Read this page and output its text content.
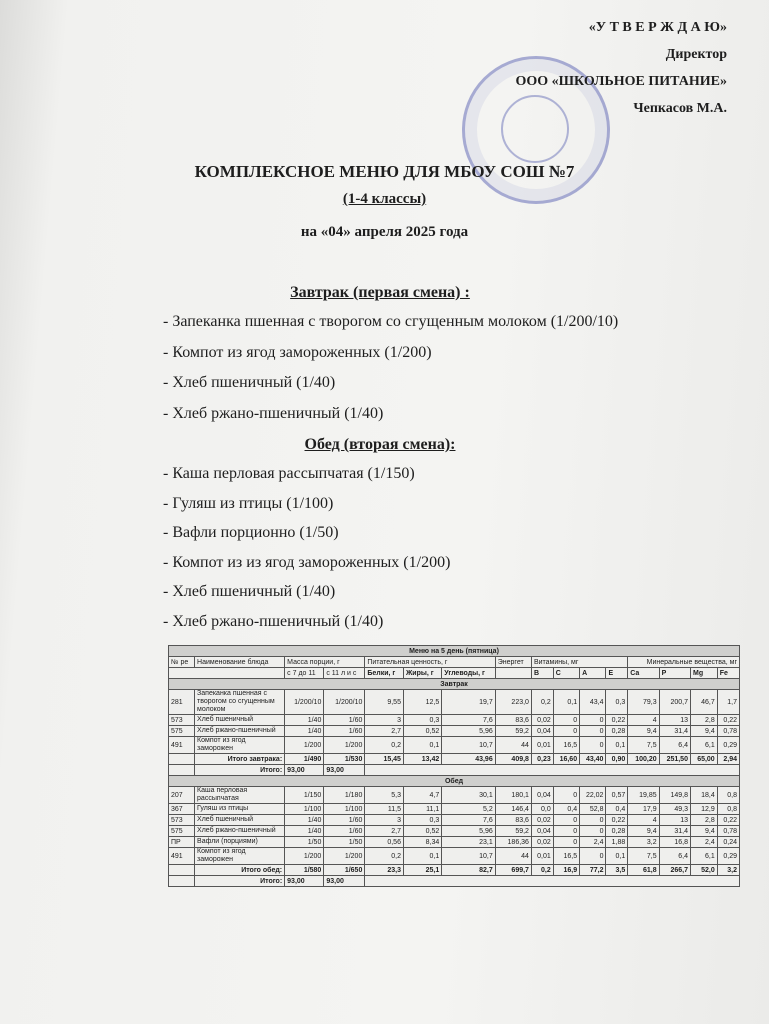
«У Т В Е Р Ж Д А Ю»
Директор
ООО «ШКОЛЬНОЕ ПИТАНИЕ»
Чепкасов М.А.
КОМПЛЕКСНОЕ МЕНЮ ДЛЯ МБОУ СОШ №7
(1-4 классы)
на «04» апреля 2025 года
Завтрак (первая смена) :
- Запеканка пшенная с творогом со сгущенным молоком (1/200/10)
- Компот из ягод замороженных (1/200)
- Хлеб пшеничный (1/40)
- Хлеб ржано-пшеничный (1/40)
Обед (вторая смена):
- Каша перловая рассыпчатая (1/150)
- Гуляш из птицы (1/100)
- Вафли порционно (1/50)
- Компот из из ягод замороженных (1/200)
- Хлеб пшеничный (1/40)
- Хлеб ржано-пшеничный (1/40)
Меню на 5 день (пятница)															
№ ре	Наименование блюда	Масса порции, г		Питательная ценность, г			Энергет	Витамины, мг				Минеральные вещества, мг			
		с 7 до 11	с 11 л и с	Белки, г	Жиры, г	Углеводы, г		B	C	A	E	Ca	P	Mg	Fe
Завтрак															
281	Запеканка пшенная с творогом со сгущенным молоком	1/200/10	1/200/10	9,55	12,5	19,7	223,0	0,2	0,1	43,4	0,3	79,3	200,7	46,7	1,7
573	Хлеб пшеничный	1/40	1/60	3	0,3	7,6	83,6	0,02	0	0	0,22	4	13	2,8	0,22
575	Хлеб ржано-пшеничный	1/40	1/60	2,7	0,52	5,96	59,2	0,04	0	0	0,28	9,4	31,4	9,4	0,78
491	Компот из ягод заморожен	1/200	1/200	0,2	0,1	10,7	44	0,01	16,5	0	0,1	7,5	6,4	6,1	0,29
	Итого завтрака:	1/490	1/530	15,45	13,42	43,96	409,8	0,23	16,60	43,40	0,90	100,20	251,50	65,00	2,94
	Итого:	93,00	93,00												
Обед															
207	Каша перловая рассыпчатая	1/150	1/180	5,3	4,7	30,1	180,1	0,04	0	22,02	0,57	19,85	149,8	18,4	0,8
367	Гуляш из птицы	1/100	1/100	11,5	11,1	5,2	146,4	0,0	0,4	52,8	0,4	17,9	49,3	12,9	0,8
573	Хлеб пшеничный	1/40	1/60	3	0,3	7,6	83,6	0,02	0	0	0,22	4	13	2,8	0,22
575	Хлеб ржано-пшеничный	1/40	1/60	2,7	0,52	5,96	59,2	0,04	0	0	0,28	9,4	31,4	9,4	0,78
ПР	Вафли (порциями)	1/50	1/50	0,56	8,34	23,1	186,36	0,02	0	2,4	1,88	3,2	16,8	2,4	0,24
491	Компот из ягод заморожен	1/200	1/200	0,2	0,1	10,7	44	0,01	16,5	0	0,1	7,5	6,4	6,1	0,29
	Итого обед:	1/580	1/650	23,3	25,1	82,7	699,7	0,2	16,9	77,2	3,5	61,8	266,7	52,0	3,2
	Итого:	93,00	93,00												
